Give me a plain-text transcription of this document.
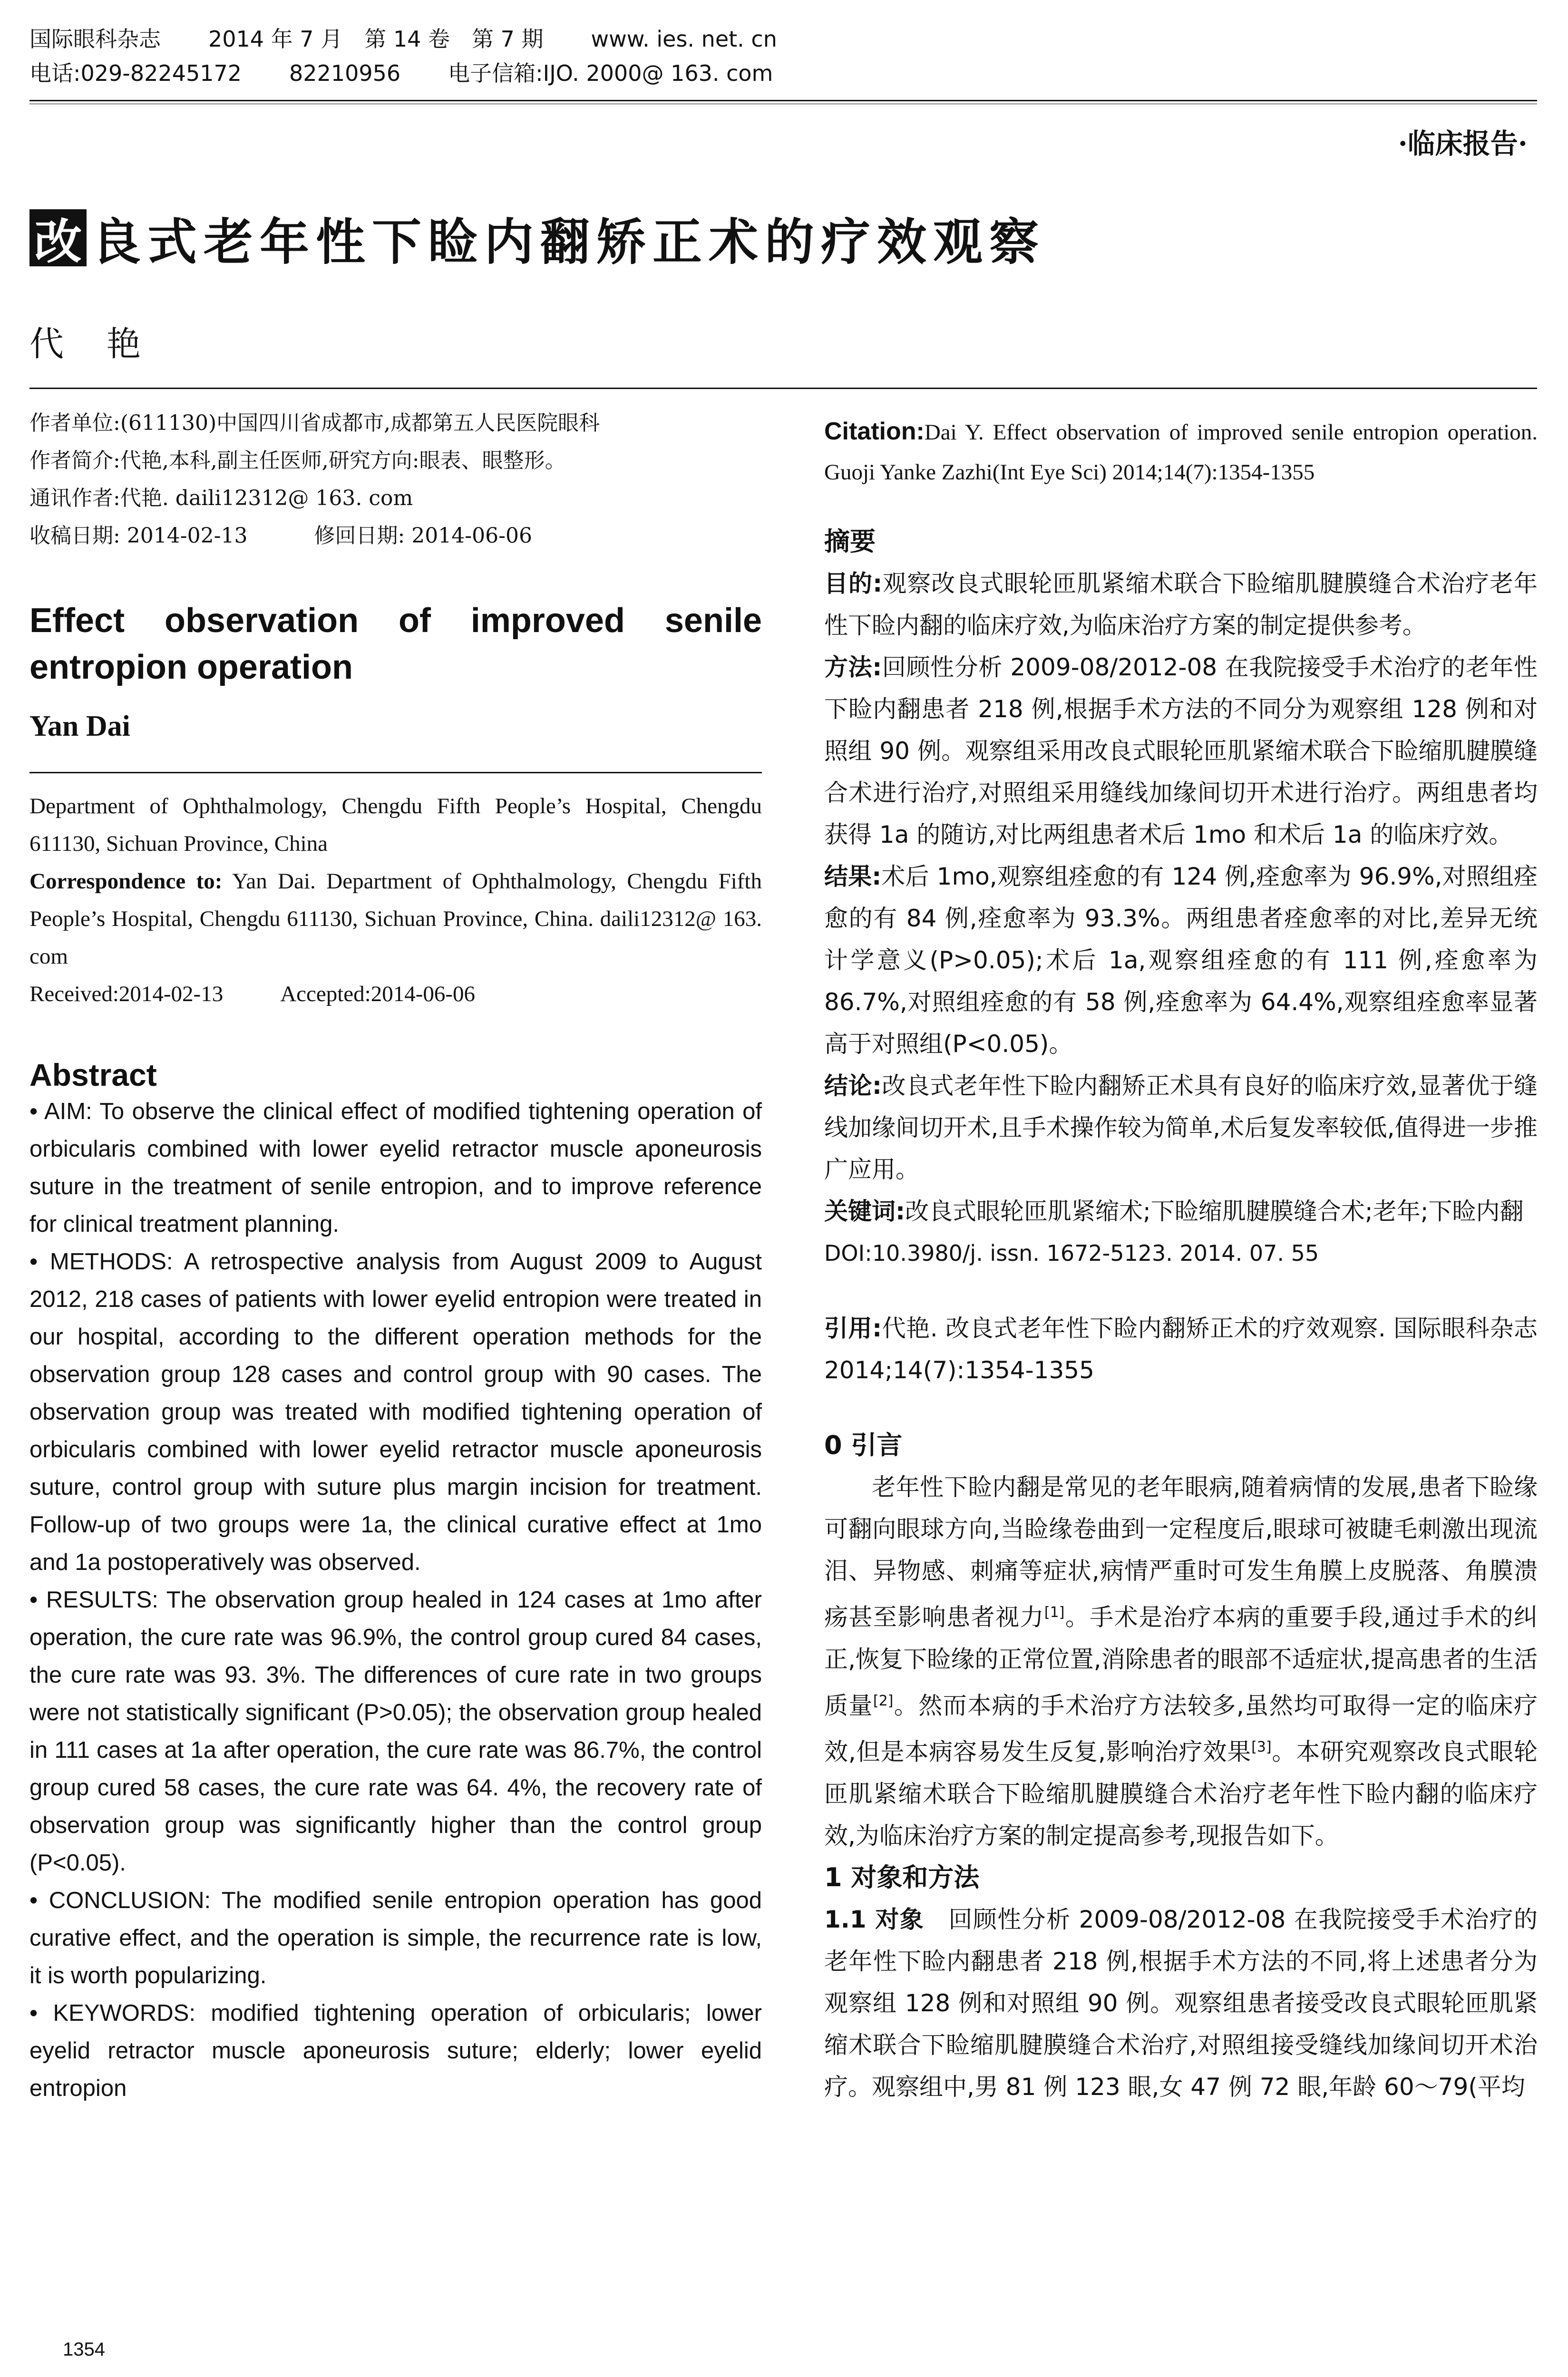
国际眼科杂志 2014 年 7 月　第 14 卷　第 7 期 www. ies. net. cn
电话:029-82245172 82210956 电子信箱:IJO. 2000@ 163. com
·临床报告·
改 良式老年性下睑内翻矫正术的疗效观察
代艳
作者单位:(611130)中国四川省成都市,成都第五人民医院眼科
作者简介:代艳,本科,副主任医师,研究方向:眼表、眼整形。
通讯作者:代艳. daili12312@ 163. com
收稿日期: 2014-02-13	修回日期: 2014-06-06
Effect observation of improved senile entropion operation
Yan Dai
Department of Ophthalmology, Chengdu Fifth People’s Hospital, Chengdu 611130, Sichuan Province, China
Correspondence to: Yan Dai. Department of Ophthalmology, Chengdu Fifth People’s Hospital, Chengdu 611130, Sichuan Province, China. daili12312@ 163. com
Received:2014-02-13	Accepted:2014-06-06
Abstract

• AIM: To observe the clinical effect of modified tightening operation of orbicularis combined with lower eyelid retractor muscle aponeurosis suture in the treatment of senile entropion, and to improve reference for clinical treatment planning.

• METHODS: A retrospective analysis from August 2009 to August 2012, 218 cases of patients with lower eyelid entropion were treated in our hospital, according to the different operation methods for the observation group 128 cases and control group with 90 cases. The observation group was treated with modified tightening operation of orbicularis combined with lower eyelid retractor muscle aponeurosis suture, control group with suture plus margin incision for treatment. Follow-up of two groups were 1a, the clinical curative effect at 1mo and 1a postoperatively was observed.

• RESULTS: The observation group healed in 124 cases at 1mo after operation, the cure rate was 96.9%, the control group cured 84 cases, the cure rate was 93. 3%. The differences of cure rate in two groups were not statistically significant (P>0.05); the observation group healed in 111 cases at 1a after operation, the cure rate was 86.7%, the control group cured 58 cases, the cure rate was 64. 4%, the recovery rate of observation group was significantly higher than the control group (P<0.05).

• CONCLUSION: The modified senile entropion operation has good curative effect, and the operation is simple, the recurrence rate is low, it is worth popularizing.

• KEYWORDS: modified tightening operation of orbicularis; lower eyelid retractor muscle aponeurosis suture; elderly; lower eyelid entropion

Citation:Dai Y. Effect observation of improved senile entropion operation. Guoji Yanke Zazhi(Int Eye Sci) 2014;14(7):1354-1355
摘要

目的:观察改良式眼轮匝肌紧缩术联合下睑缩肌腱膜缝合术治疗老年性下睑内翻的临床疗效,为临床治疗方案的制定提供参考。

方法:回顾性分析 2009-08/2012-08 在我院接受手术治疗的老年性下睑内翻患者 218 例,根据手术方法的不同分为观察组 128 例和对照组 90 例。观察组采用改良式眼轮匝肌紧缩术联合下睑缩肌腱膜缝合术进行治疗,对照组采用缝线加缘间切开术进行治疗。两组患者均获得 1a 的随访,对比两组患者术后 1mo 和术后 1a 的临床疗效。

结果:术后 1mo,观察组痊愈的有 124 例,痊愈率为 96.9%,对照组痊愈的有 84 例,痊愈率为 93.3%。两组患者痊愈率的对比,差异无统计学意义(P>0.05);术后 1a,观察组痊愈的有 111 例,痊愈率为 86.7%,对照组痊愈的有 58 例,痊愈率为 64.4%,观察组痊愈率显著高于对照组(P<0.05)。

结论:改良式老年性下睑内翻矫正术具有良好的临床疗效,显著优于缝线加缘间切开术,且手术操作较为简单,术后复发率较低,值得进一步推广应用。

关键词:改良式眼轮匝肌紧缩术;下睑缩肌腱膜缝合术;老年;下睑内翻

DOI:10.3980/j. issn. 1672-5123. 2014. 07. 55

引用:代艳. 改良式老年性下睑内翻矫正术的疗效观察. 国际眼科杂志 2014;14(7):1354-1355

0 引言

老年性下睑内翻是常见的老年眼病,随着病情的发展,患者下睑缘可翻向眼球方向,当睑缘卷曲到一定程度后,眼球可被睫毛刺激出现流泪、异物感、刺痛等症状,病情严重时可发生角膜上皮脱落、角膜溃疡甚至影响患者视力[1]。手术是治疗本病的重要手段,通过手术的纠正,恢复下睑缘的正常位置,消除患者的眼部不适症状,提高患者的生活质量[2]。然而本病的手术治疗方法较多,虽然均可取得一定的临床疗效,但是本病容易发生反复,影响治疗效果[3]。本研究观察改良式眼轮匝肌紧缩术联合下睑缩肌腱膜缝合术治疗老年性下睑内翻的临床疗效,为临床治疗方案的制定提高参考,现报告如下。

1 对象和方法

1.1 对象 回顾性分析 2009-08/2012-08 在我院接受手术治疗的老年性下睑内翻患者 218 例,根据手术方法的不同,将上述患者分为观察组 128 例和对照组 90 例。观察组患者接受改良式眼轮匝肌紧缩术联合下睑缩肌腱膜缝合术治疗,对照组接受缝线加缘间切开术治疗。观察组中,男 81 例 123 眼,女 47 例 72 眼,年龄 60～79(平均

1354
